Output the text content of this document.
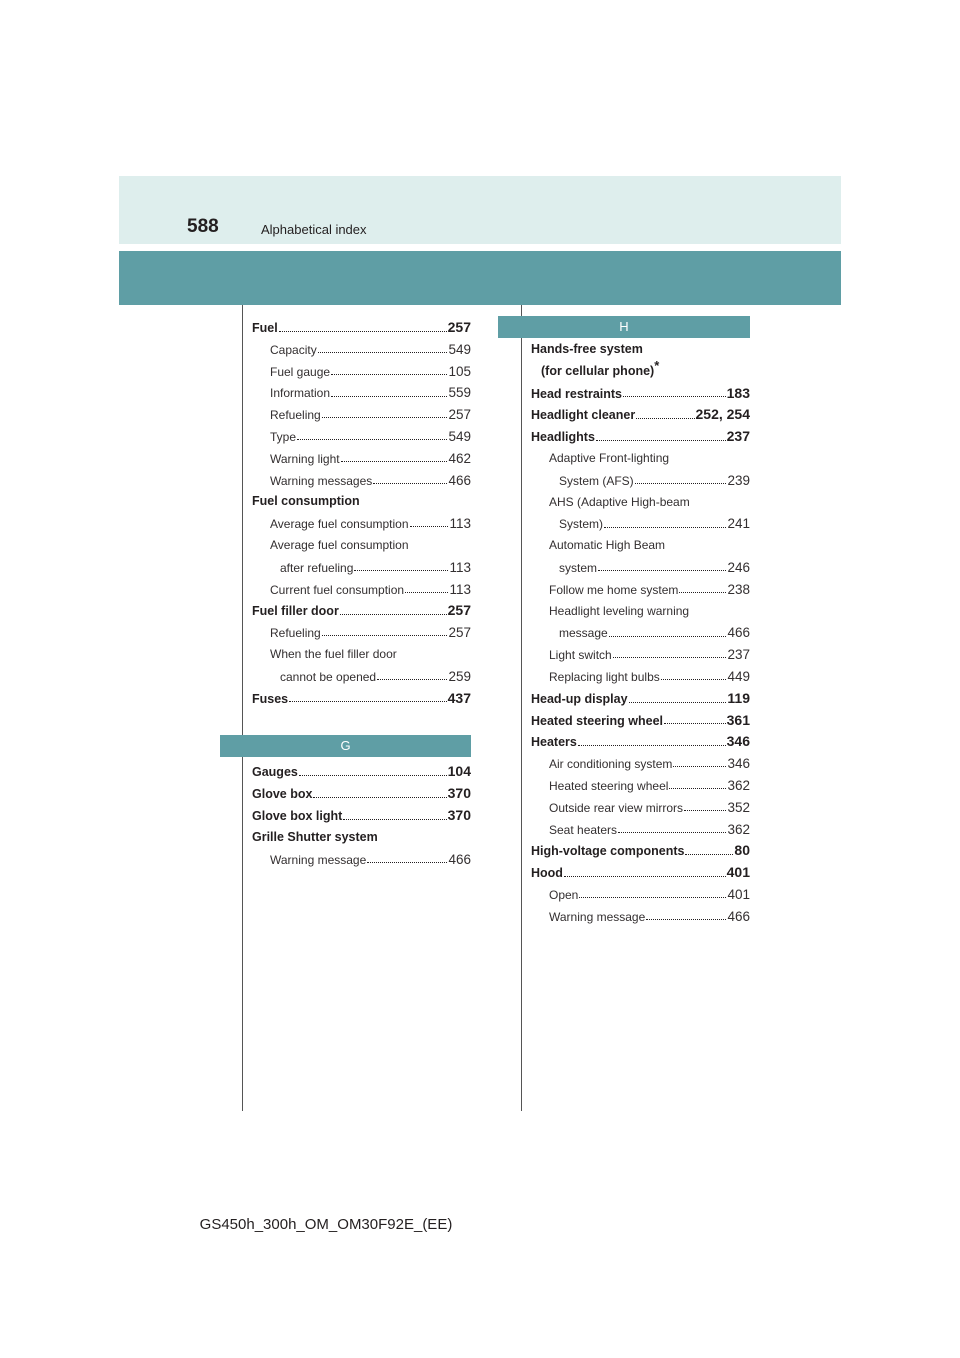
588	Alphabetical index
Fuel	257
Capacity	549
Fuel gauge	105
Information	559
Refueling	257
Type	549
Warning light	462
Warning messages	466
Fuel consumption
Average fuel consumption	113
Average fuel consumption
after refueling	113
Current fuel consumption	113
Fuel filler door	257
Refueling	257
When the fuel filler door
cannot be opened	259
Fuses	437
G
Gauges	104
Glove box	370
Glove box light	370
Grille Shutter system
Warning message	466
H
Hands-free system
(for cellular phone)*
Head restraints	183
Headlight cleaner	252, 254
Headlights	237
Adaptive Front-lighting
System (AFS)	239
AHS (Adaptive High-beam
System)	241
Automatic High Beam
system	246
Follow me home system	238
Headlight leveling warning
message	466
Light switch	237
Replacing light bulbs	449
Head-up display	119
Heated steering wheel	361
Heaters	346
Air conditioning system	346
Heated steering wheel	362
Outside rear view mirrors	352
Seat heaters	362
High-voltage components	80
Hood	401
Open	401
Warning message	466
GS450h_300h_OM_OM30F92E_(EE)
